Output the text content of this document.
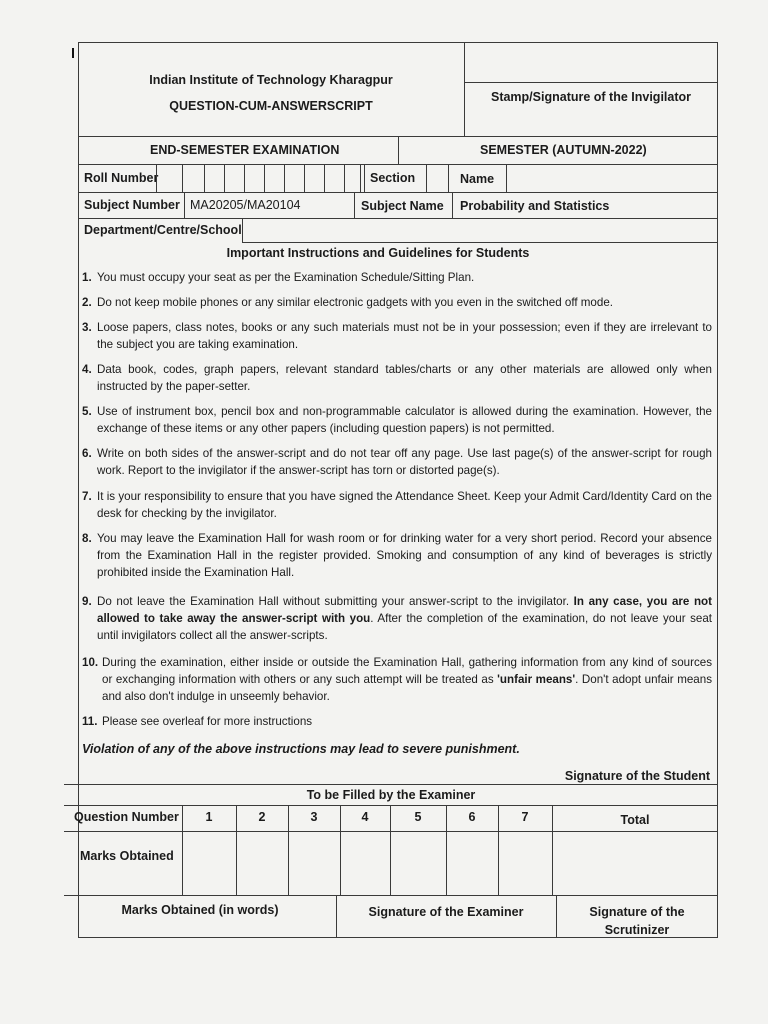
Indian Institute of Technology Kharagpur
QUESTION-CUM-ANSWERSCRIPT
Stamp/Signature of the Invigilator
END-SEMESTER EXAMINATION	SEMESTER (AUTUMN-2022)
Roll Number	Section	Name
Subject Number MA20205/MA20104	Subject Name Probability and Statistics
Department/Centre/School
Important Instructions and Guidelines for Students
1. You must occupy your seat as per the Examination Schedule/Sitting Plan.
2. Do not keep mobile phones or any similar electronic gadgets with you even in the switched off mode.
3. Loose papers, class notes, books or any such materials must not be in your possession; even if they are irrelevant to the subject you are taking examination.
4. Data book, codes, graph papers, relevant standard tables/charts or any other materials are allowed only when instructed by the paper-setter.
5. Use of instrument box, pencil box and non-programmable calculator is allowed during the examination. However, the exchange of these items or any other papers (including question papers) is not permitted.
6. Write on both sides of the answer-script and do not tear off any page. Use last page(s) of the answer-script for rough work. Report to the invigilator if the answer-script has torn or distorted page(s).
7. It is your responsibility to ensure that you have signed the Attendance Sheet. Keep your Admit Card/Identity Card on the desk for checking by the invigilator.
8. You may leave the Examination Hall for wash room or for drinking water for a very short period. Record your absence from the Examination Hall in the register provided. Smoking and consumption of any kind of beverages is strictly prohibited inside the Examination Hall.
9. Do not leave the Examination Hall without submitting your answer-script to the invigilator. In any case, you are not allowed to take away the answer-script with you. After the completion of the examination, do not leave your seat until invigilators collect all the answer-scripts.
10. During the examination, either inside or outside the Examination Hall, gathering information from any kind of sources or exchanging information with others or any such attempt will be treated as 'unfair means'. Don't adopt unfair means and also don't indulge in unseemly behavior.
11. Please see overleaf for more instructions
Violation of any of the above instructions may lead to severe punishment.
Signature of the Student
To be Filled by the Examiner
Question Number	1	2	3	4	5	6	7	Total
Marks Obtained
Marks Obtained (in words)	Signature of the Examiner	Signature of the
Scrutinizer
